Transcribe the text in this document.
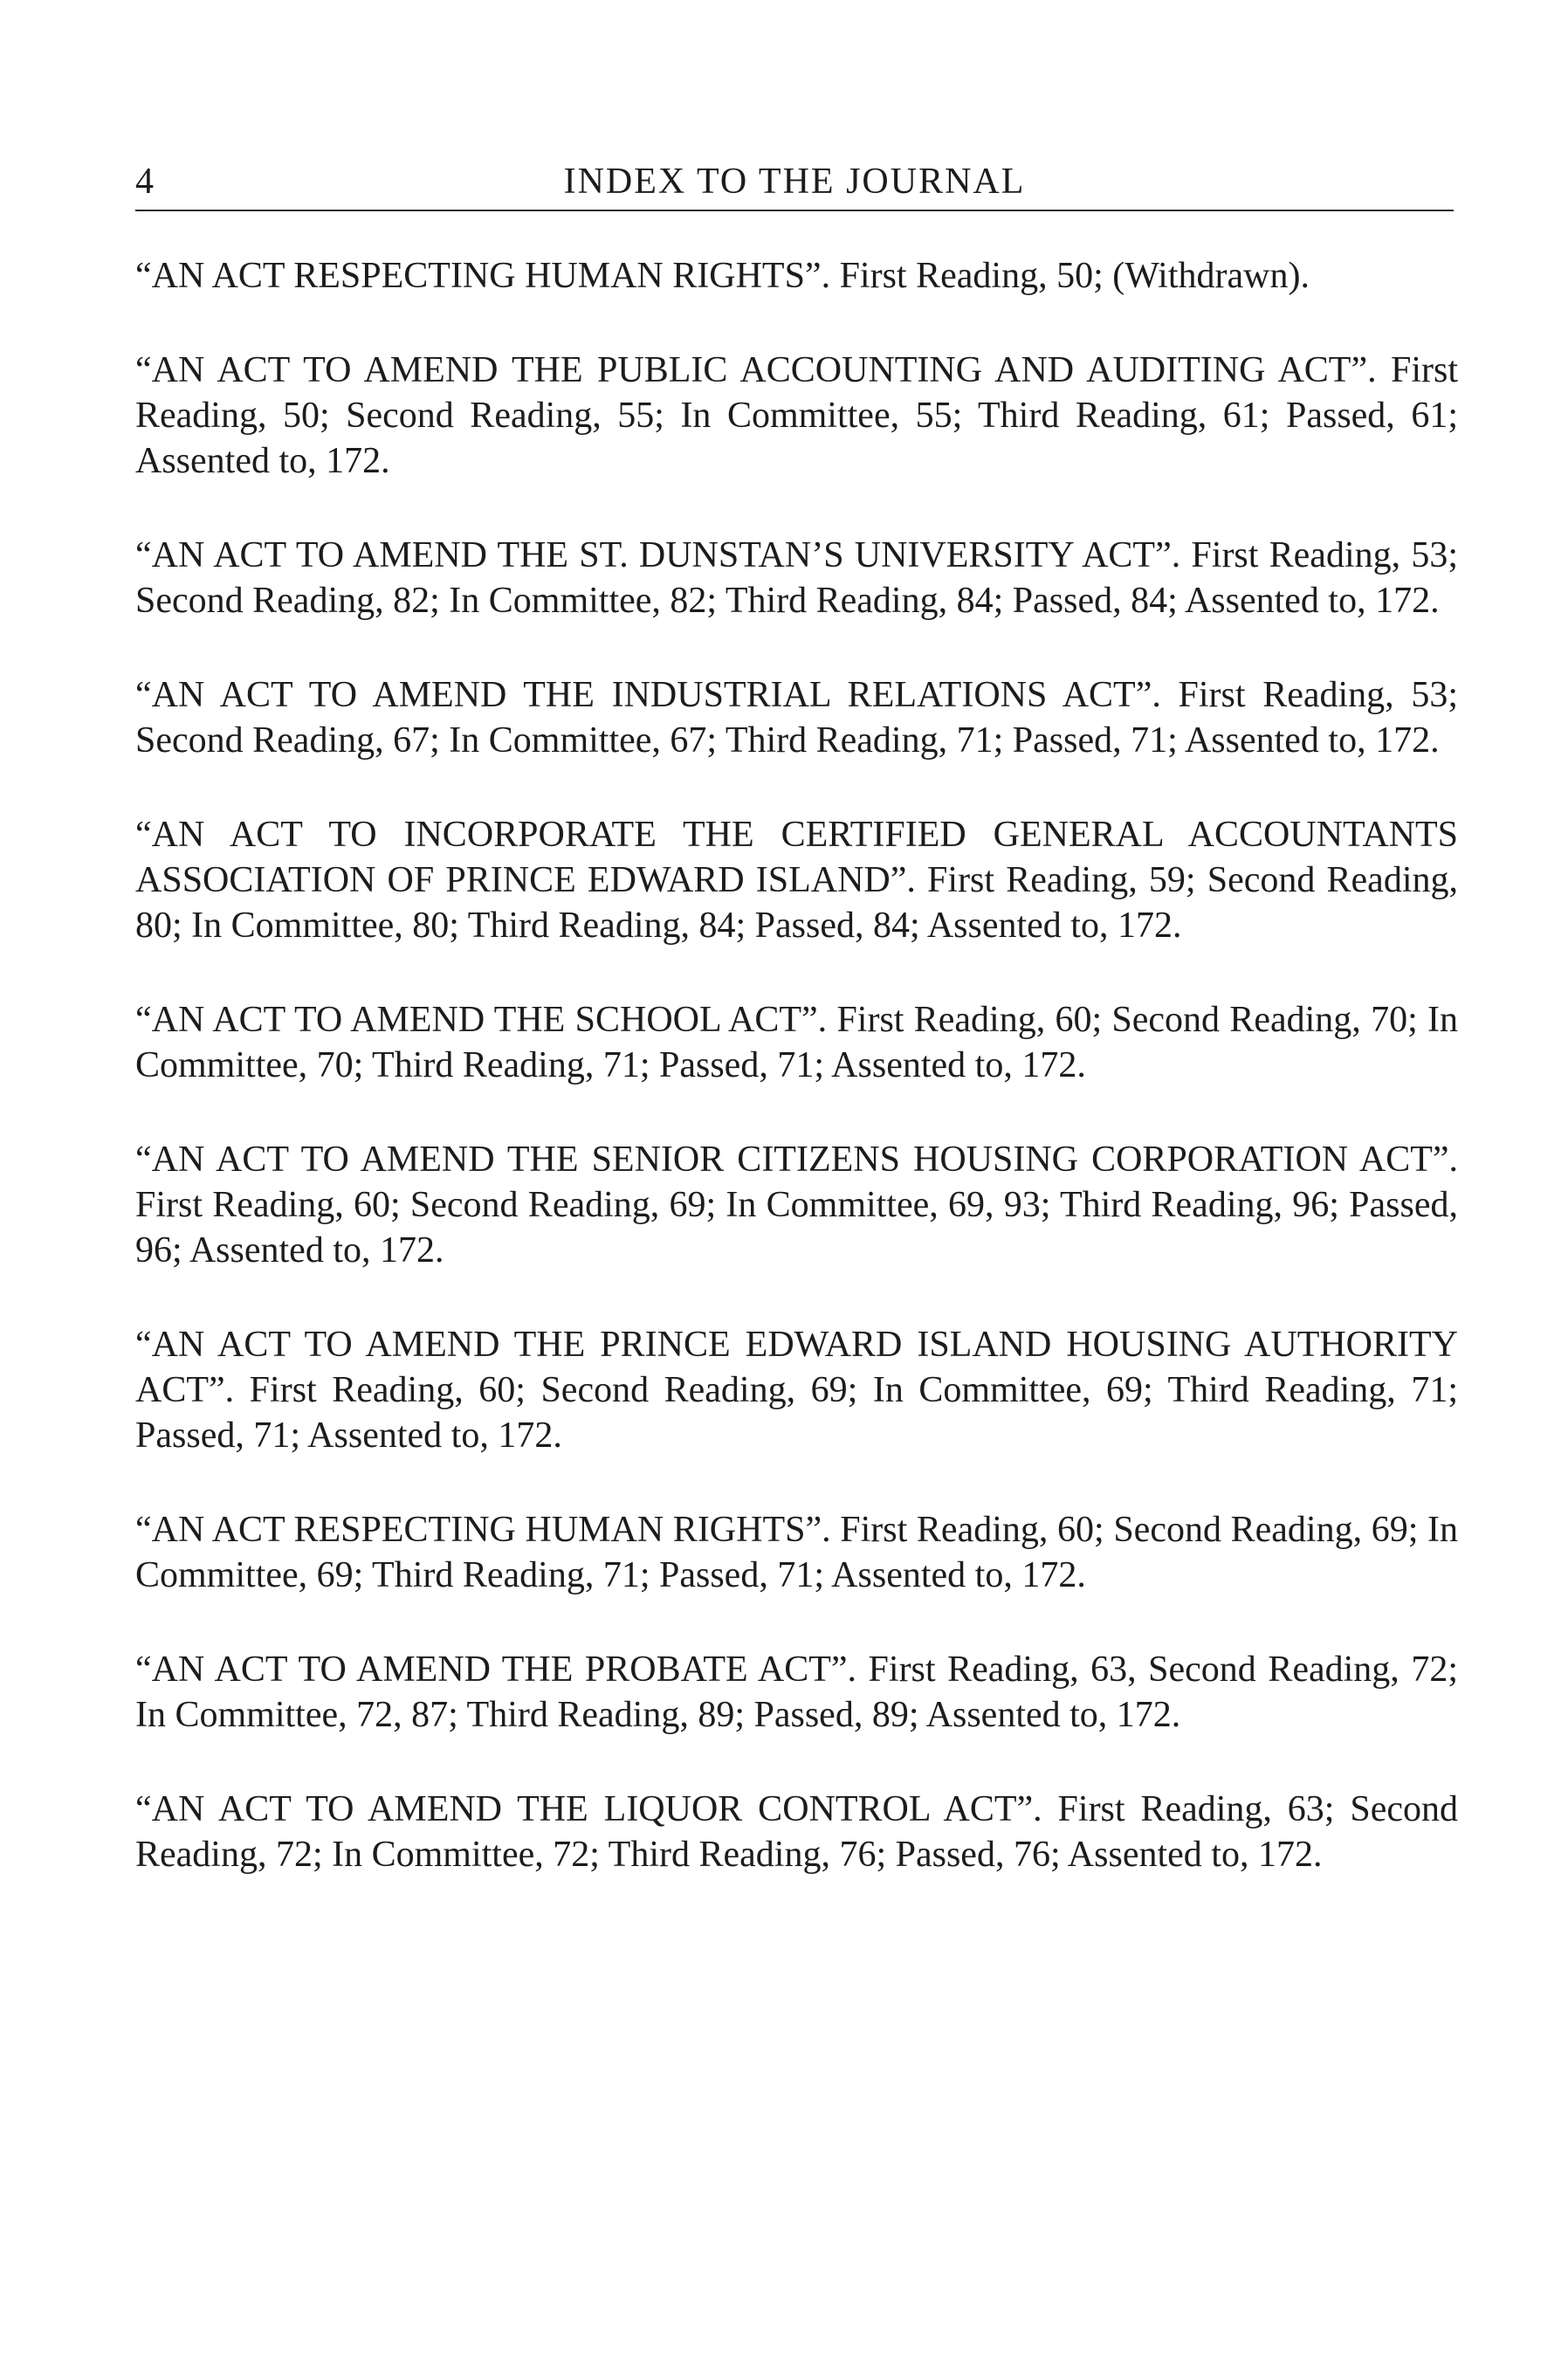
4	INDEX TO THE JOURNAL

“AN ACT RESPECTING HUMAN RIGHTS”. First Reading, 50; (Withdrawn).

“AN ACT TO AMEND THE PUBLIC ACCOUNTING AND AUDITING ACT”. First Reading, 50; Second Reading, 55; In Committee, 55; Third Reading, 61; Passed, 61; Assented to, 172.

“AN ACT TO AMEND THE ST. DUNSTAN’S UNIVERSITY ACT”. First Reading, 53; Second Reading, 82; In Committee, 82; Third Reading, 84; Passed, 84; Assented to, 172.

“AN ACT TO AMEND THE INDUSTRIAL RELATIONS ACT”. First Reading, 53; Second Reading, 67; In Committee, 67; Third Reading, 71; Passed, 71; Assented to, 172.

“AN ACT TO INCORPORATE THE CERTIFIED GENERAL ACCOUNTANTS ASSOCIATION OF PRINCE EDWARD ISLAND”. First Reading, 59; Second Reading, 80; In Committee, 80; Third Reading, 84; Passed, 84; Assented to, 172.

“AN ACT TO AMEND THE SCHOOL ACT”. First Reading, 60; Second Reading, 70; In Committee, 70; Third Reading, 71; Passed, 71; Assented to, 172.

“AN ACT TO AMEND THE SENIOR CITIZENS HOUSING CORPORATION ACT”. First Reading, 60; Second Reading, 69; In Committee, 69, 93; Third Reading, 96; Passed, 96; Assented to, 172.

“AN ACT TO AMEND THE PRINCE EDWARD ISLAND HOUSING AUTHORITY ACT”. First Reading, 60; Second Reading, 69; In Committee, 69; Third Reading, 71; Passed, 71; Assented to, 172.

“AN ACT RESPECTING HUMAN RIGHTS”. First Reading, 60; Second Reading, 69; In Committee, 69; Third Reading, 71; Passed, 71; Assented to, 172.

“AN ACT TO AMEND THE PROBATE ACT”. First Reading, 63, Second Reading, 72; In Committee, 72, 87; Third Reading, 89; Passed, 89; Assented to, 172.

“AN ACT TO AMEND THE LIQUOR CONTROL ACT”. First Reading, 63; Second Reading, 72; In Committee, 72; Third Reading, 76; Passed, 76; Assented to, 172.
